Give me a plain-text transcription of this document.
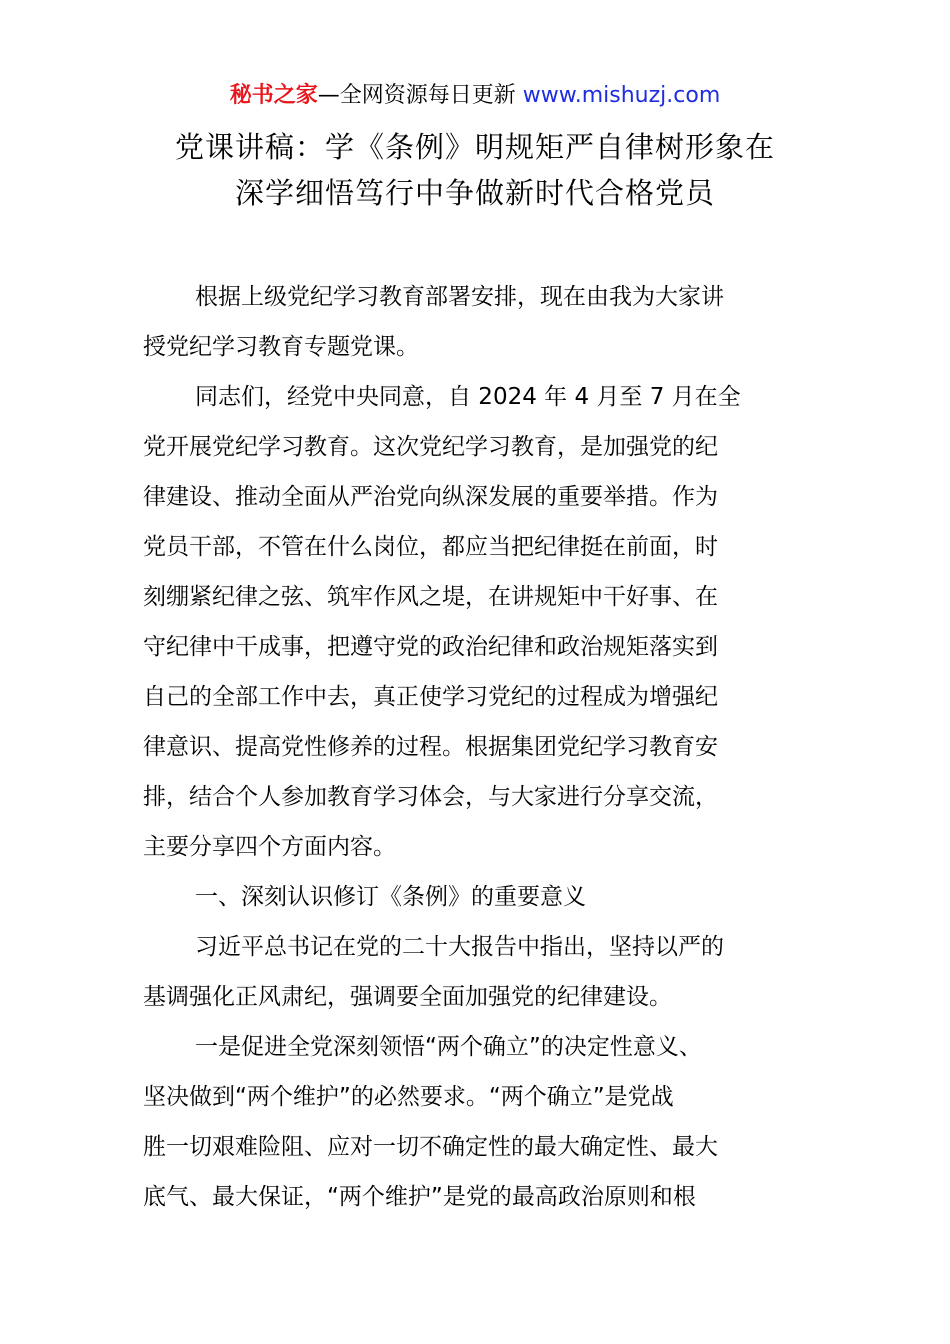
秘书之家—全网资源每日更新 www.mishuzj.com
党课讲稿：学《条例》明规矩严自律树形象在
深学细悟笃行中争做新时代合格党员
根据上级党纪学习教育部署安排，现在由我为大家讲
授党纪学习教育专题党课。
同志们，经党中央同意，自 2024 年 4 月至 7 月在全
党开展党纪学习教育。这次党纪学习教育，是加强党的纪
律建设、推动全面从严治党向纵深发展的重要举措。作为
党员干部，不管在什么岗位，都应当把纪律挺在前面，时
刻绷紧纪律之弦、筑牢作风之堤，在讲规矩中干好事、在
守纪律中干成事，把遵守党的政治纪律和政治规矩落实到
自己的全部工作中去，真正使学习党纪的过程成为增强纪
律意识、提高党性修养的过程。根据集团党纪学习教育安
排，结合个人参加教育学习体会，与大家进行分享交流，
主要分享四个方面内容。
一、深刻认识修订《条例》的重要意义
习近平总书记在党的二十大报告中指出，坚持以严的
基调强化正风肃纪，强调要全面加强党的纪律建设。
一是促进全党深刻领悟“两个确立”的决定性意义、
坚决做到“两个维护”的必然要求。“两个确立”是党战
胜一切艰难险阻、应对一切不确定性的最大确定性、最大
底气、最大保证，“两个维护”是党的最高政治原则和根
